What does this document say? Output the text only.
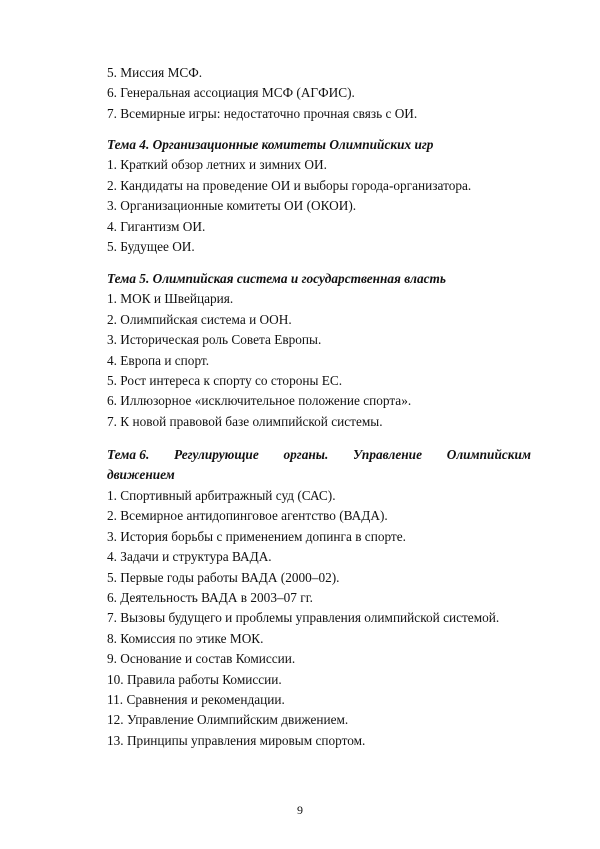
5. Миссия МСФ.

6. Генеральная ассоциация МСФ (АГФИС).

7. Всемирные игры: недостаточно прочная связь с ОИ.

Тема 4. Организационные комитеты Олимпийских игр

1. Краткий обзор летних и зимних ОИ.

2. Кандидаты на проведение ОИ и выборы города-организатора.

3. Организационные комитеты ОИ (ОКОИ).

4. Гигантизм ОИ.

5. Будущее ОИ.

Тема 5. Олимпийская система и государственная власть

1. МОК и Швейцария.

2. Олимпийская система и ООН.

3. Историческая роль Совета Европы.

4. Европа и спорт.

5. Рост интереса к спорту со стороны ЕС.

6. Иллюзорное «исключительное положение спорта».

7. К новой правовой базе олимпийской системы.

Тема 6. Регулирующие органы. Управление Олимпийским

движением

1. Спортивный арбитражный суд (САС).

2. Всемирное антидопинговое агентство (ВАДА).

3. История борьбы с применением допинга в спорте.

4. Задачи и структура ВАДА.

5. Первые годы работы ВАДА (2000–02).

6. Деятельность ВАДА в 2003–07 гг.

7. Вызовы будущего и проблемы управления олимпийской системой.

8. Комиссия по этике МОК.

9. Основание и состав Комиссии.

10. Правила работы Комиссии.

11. Сравнения и рекомендации.

12. Управление Олимпийским движением.

13. Принципы управления мировым спортом.

9
